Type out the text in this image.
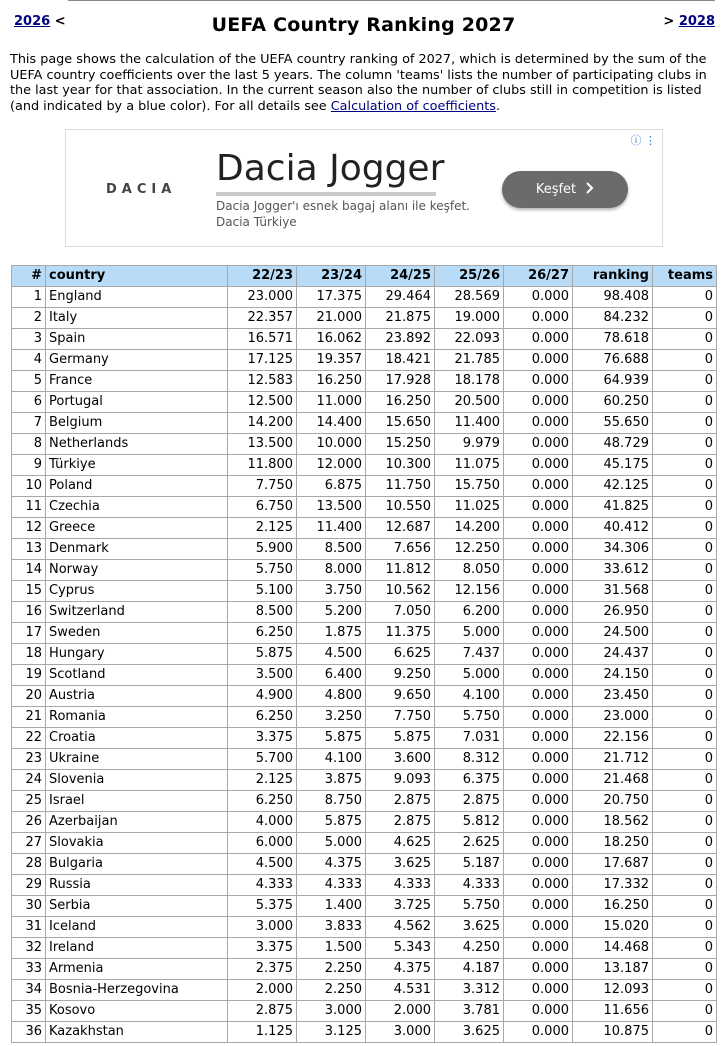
2026 <	UEFA Country Ranking 2027	> 2028
This page shows the calculation of the UEFA country ranking of 2027, which is determined by the sum of the UEFA country coefficients over the last 5 years. The column 'teams' lists the number of participating clubs in the last year for that association. In the current season also the number of clubs still in competition is listed (and indicated by a blue color). For all details see Calculation of coefficients.
ⓘ ⋮
DACIA
Dacia Jogger
Dacia Jogger'ı esnek bagaj alanı ile keşfet.
Dacia Türkiye
Keşfet
#	country	22/23	23/24	24/25	25/26	26/27	ranking	teams
1	England	23.000	17.375	29.464	28.569	0.000	98.408	0
2	Italy	22.357	21.000	21.875	19.000	0.000	84.232	0
3	Spain	16.571	16.062	23.892	22.093	0.000	78.618	0
4	Germany	17.125	19.357	18.421	21.785	0.000	76.688	0
5	France	12.583	16.250	17.928	18.178	0.000	64.939	0
6	Portugal	12.500	11.000	16.250	20.500	0.000	60.250	0
7	Belgium	14.200	14.400	15.650	11.400	0.000	55.650	0
8	Netherlands	13.500	10.000	15.250	9.979	0.000	48.729	0
9	Türkiye	11.800	12.000	10.300	11.075	0.000	45.175	0
10	Poland	7.750	6.875	11.750	15.750	0.000	42.125	0
11	Czechia	6.750	13.500	10.550	11.025	0.000	41.825	0
12	Greece	2.125	11.400	12.687	14.200	0.000	40.412	0
13	Denmark	5.900	8.500	7.656	12.250	0.000	34.306	0
14	Norway	5.750	8.000	11.812	8.050	0.000	33.612	0
15	Cyprus	5.100	3.750	10.562	12.156	0.000	31.568	0
16	Switzerland	8.500	5.200	7.050	6.200	0.000	26.950	0
17	Sweden	6.250	1.875	11.375	5.000	0.000	24.500	0
18	Hungary	5.875	4.500	6.625	7.437	0.000	24.437	0
19	Scotland	3.500	6.400	9.250	5.000	0.000	24.150	0
20	Austria	4.900	4.800	9.650	4.100	0.000	23.450	0
21	Romania	6.250	3.250	7.750	5.750	0.000	23.000	0
22	Croatia	3.375	5.875	5.875	7.031	0.000	22.156	0
23	Ukraine	5.700	4.100	3.600	8.312	0.000	21.712	0
24	Slovenia	2.125	3.875	9.093	6.375	0.000	21.468	0
25	Israel	6.250	8.750	2.875	2.875	0.000	20.750	0
26	Azerbaijan	4.000	5.875	2.875	5.812	0.000	18.562	0
27	Slovakia	6.000	5.000	4.625	2.625	0.000	18.250	0
28	Bulgaria	4.500	4.375	3.625	5.187	0.000	17.687	0
29	Russia	4.333	4.333	4.333	4.333	0.000	17.332	0
30	Serbia	5.375	1.400	3.725	5.750	0.000	16.250	0
31	Iceland	3.000	3.833	4.562	3.625	0.000	15.020	0
32	Ireland	3.375	1.500	5.343	4.250	0.000	14.468	0
33	Armenia	2.375	2.250	4.375	4.187	0.000	13.187	0
34	Bosnia-Herzegovina	2.000	2.250	4.531	3.312	0.000	12.093	0
35	Kosovo	2.875	3.000	2.000	3.781	0.000	11.656	0
36	Kazakhstan	1.125	3.125	3.000	3.625	0.000	10.875	0
